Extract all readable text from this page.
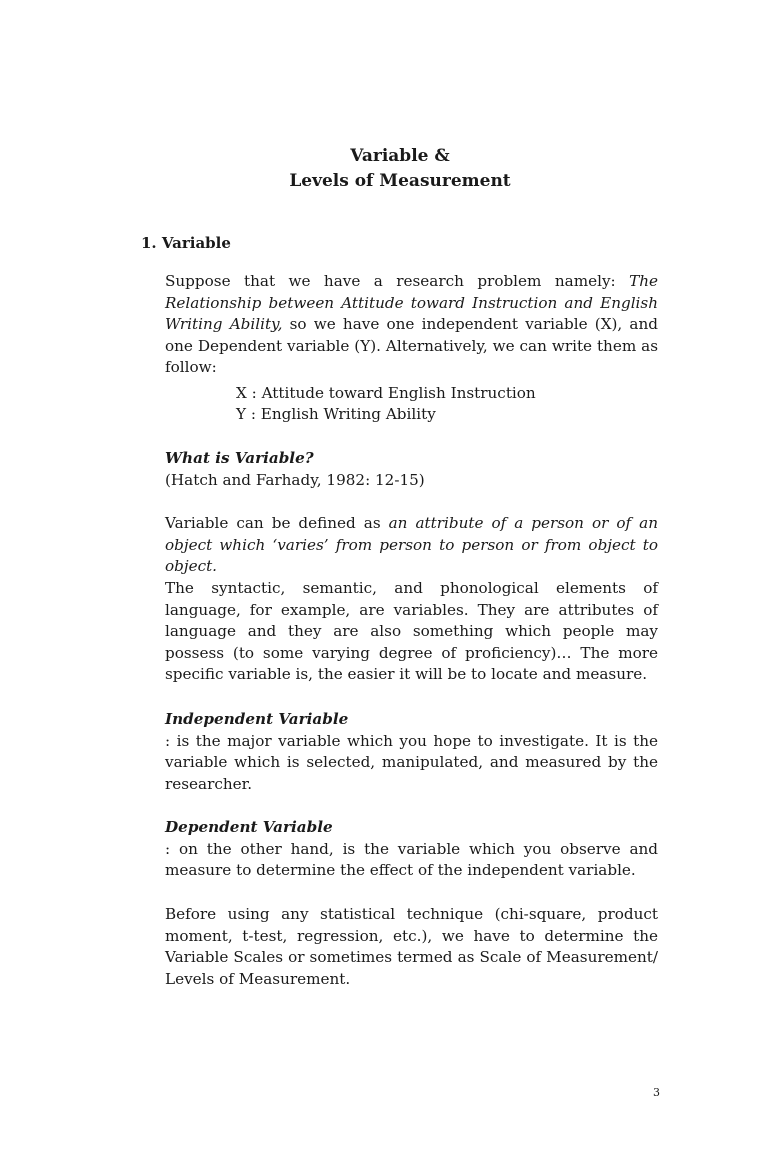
Variable &
Levels of Measurement
1. Variable

Suppose that we have a research problem namely: The Relationship between Attitude toward Instruction and English Writing Ability, so we have one independent variable (X), and one Dependent variable (Y). Alternatively, we can write them as follow:

X : Attitude toward English Instruction
Y : English Writing Ability

What is Variable?

(Hatch and Farhady, 1982: 12-15)

Variable can be defined as an attribute of a person or of an object which ‘varies’ from person to person or from object to object.

The syntactic, semantic, and phonological elements of language, for example, are variables. They are attributes of language and they are also something which people may possess (to some varying degree of proficiency)… The more specific variable is, the easier it will be to locate and measure.

Independent Variable

: is the major variable which you hope to investigate. It is the variable which is selected, manipulated, and measured by the researcher.

Dependent Variable

: on the other hand, is the variable which you observe and measure to determine the effect of the independent variable.

Before using any statistical technique (chi-square, product moment, t-test, regression, etc.), we have to determine the Variable Scales or sometimes termed as Scale of Measurement/ Levels of Measurement.

3
